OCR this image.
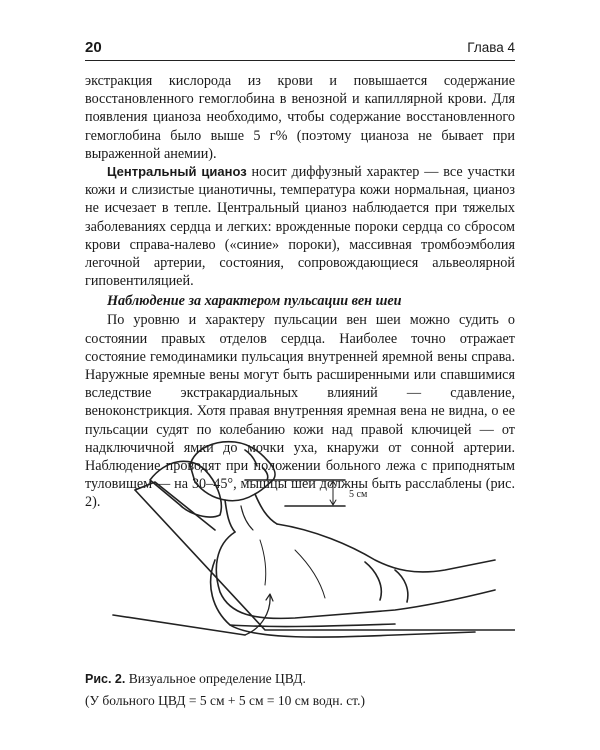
20	Глава 4

экстракция кислорода из крови и повышается содержание восстановленного гемоглобина в венозной и капиллярной крови. Для появления цианоза необходимо, чтобы содержание восстановленного гемоглобина было выше 5 г% (поэтому цианоза не бывает при выраженной анемии).

Центральный цианоз носит диффузный характер — все участки кожи и слизистые цианотичны, температура кожи нормальная, цианоз не исчезает в тепле. Центральный цианоз наблюдается при тяжелых заболеваниях сердца и легких: врожденные пороки сердца со сбросом крови справа-налево («синие» пороки), массивная тромбоэмболия легочной артерии, состояния, сопровождающиеся альвеолярной гиповентиляцией.

Наблюдение за характером пульсации вен шеи

По уровню и характеру пульсации вен шеи можно судить о состоянии правых отделов сердца. Наиболее точно отражает состояние гемодинамики пульсация внутренней яремной вены справа. Наружные яремные вены могут быть расширенными или спавшимися вследствие экстракардиальных влияний — сдавление, веноконстрикция. Хотя правая внутренняя яремная вена не видна, о ее пульсации судят по колебанию кожи над правой ключицей — от надключичной ямки до мочки уха, кнаружи от сонной артерии. Наблюдение проводят при положении больного лежа с приподнятым туловищем — на 30–45°, мышцы шеи должны быть расслаблены (рис. 2).	5 см
Рис. 2. Визуальное определение ЦВД.
(У больного ЦВД = 5 см + 5 см = 10 см водн. ст.)
